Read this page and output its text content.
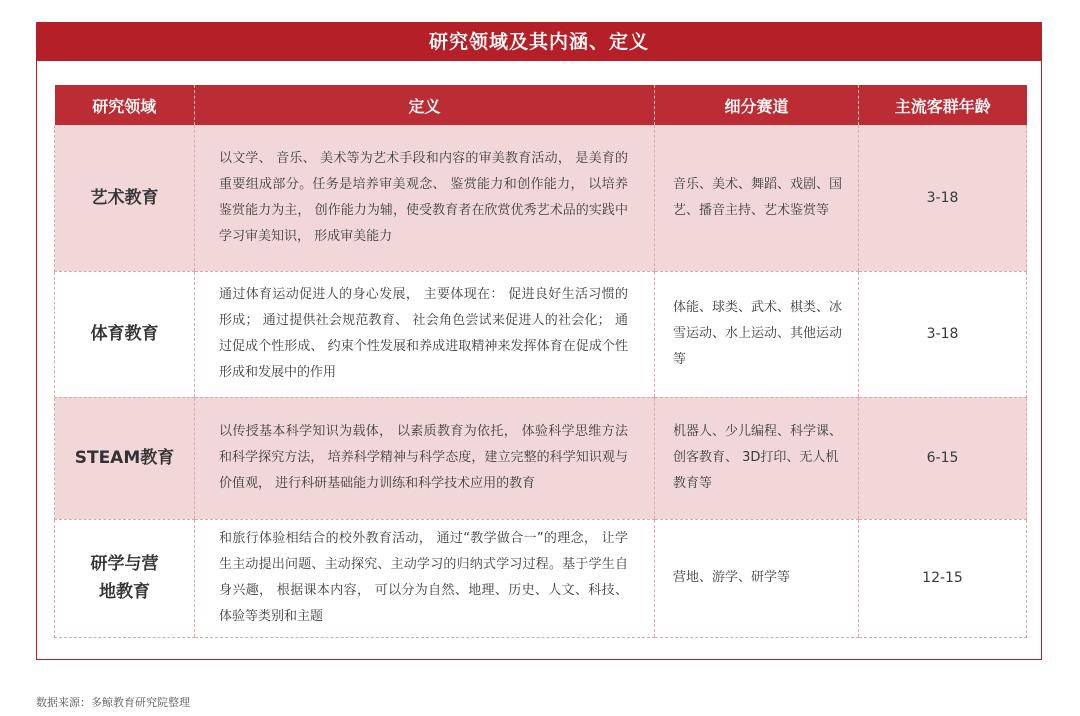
研究领域及其内涵、定义
研究领域	定义	细分赛道	主流客群年龄
艺术教育	以文学、 音乐、 美术等为艺术手段和内容的审美教育活动， 是美育的重要组成部分。任务是培养审美观念、 鉴赏能力和创作能力， 以培养鉴赏能力为主， 创作能力为辅，使受教育者在欣赏优秀艺术品的实践中学习审美知识， 形成审美能力	音乐、美术、舞蹈、戏剧、国艺、播音主持、艺术鉴赏等	3-18
体育教育	通过体育运动促进人的身心发展， 主要体现在： 促进良好生活习惯的形成； 通过提供社会规范教育、 社会角色尝试来促进人的社会化； 通过促成个性形成、 约束个性发展和养成进取精神来发挥体育在促成个性形成和发展中的作用	体能、球类、武术、棋类、冰雪运动、水上运动、其他运动等	3-18
STEAM教育	以传授基本科学知识为载体， 以素质教育为依托， 体验科学思维方法和科学探究方法， 培养科学精神与科学态度，建立完整的科学知识观与价值观， 进行科研基础能力训练和科学技术应用的教育	机器人、少儿编程、科学课、 创客教育、 3D打印、无人机教育等	6-15
研学与营地教育	和旅行体验相结合的校外教育活动， 通过“教学做合一”的理念， 让学生主动提出问题、主动探究、主动学习的归纳式学习过程。基于学生自身兴趣， 根据课本内容， 可以分为自然、地理、历史、人文、科技、体验等类别和主题	营地、游学、研学等	12-15
数据来源：多鲸教育研究院整理
